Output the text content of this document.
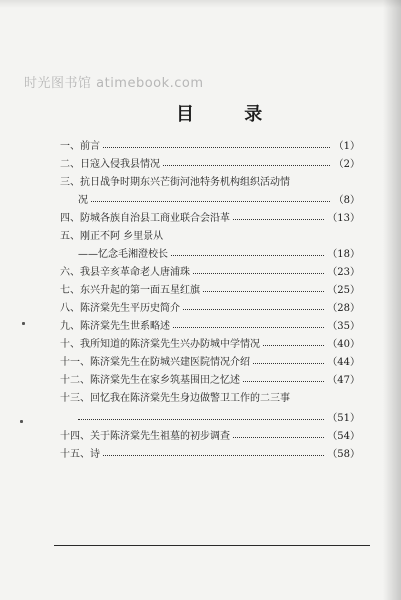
时光图书馆 atimebook.com
目 录
一、前言	（1）
二、日寇入侵我县情况	（2）
三、抗日战争时期东兴芒街河池特务机构组织活动情
况	（8）
四、防城各族自治县工商业联合会沿革	（13）
五、刚正不阿 乡里景从
——忆念毛湘澄校长	（18）
六、我县辛亥革命老人唐浦珠	（23）
七、东兴升起的第一面五星红旗	（25）
八、陈济棠先生平历史简介	（28）
九、陈济棠先生世系略述	（35）
十、我所知道的陈济棠先生兴办防城中学情况	（40）
十一、陈济棠先生在防城兴建医院情况介绍	（44）
十二、陈济棠先生在家乡筑基围田之忆述	（47）
十三、回忆我在陈济棠先生身边做警卫工作的二三事
（51）
十四、关于陈济棠先生祖墓的初步调查	（54）
十五、诗	（58）
